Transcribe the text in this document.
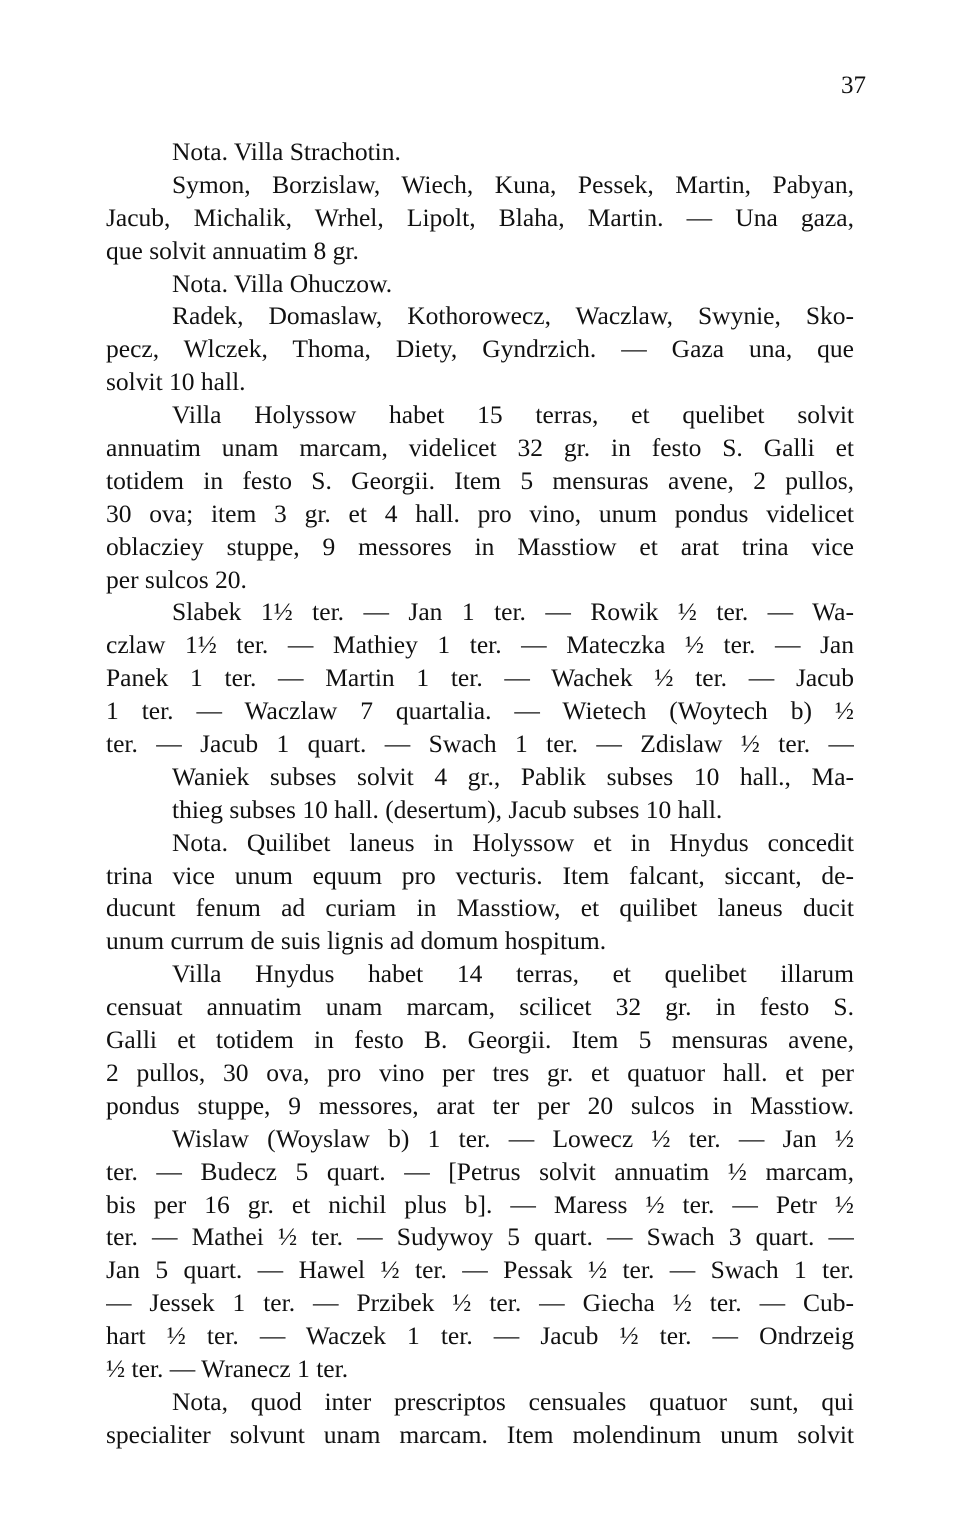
37
Nota. Villa Strachotin.
Symon, Borzislaw, Wiech, Kuna, Pessek, Martin, Pabyan,
Jacub, Michalik, Wrhel, Lipolt, Blaha, Martin. — Una gaza,
que solvit annuatim 8 gr.
Nota. Villa Ohuczow.
Radek, Domaslaw, Kothorowecz, Waczlaw, Swynie, Sko-
pecz, Wlczek, Thoma, Diety, Gyndrzich. — Gaza una, que
solvit 10 hall.
Villa Holyssow habet 15 terras, et quelibet solvit
annuatim unam marcam, videlicet 32 gr. in festo S. Galli et
totidem in festo S. Georgii. Item 5 mensuras avene, 2 pullos,
30 ova; item 3 gr. et 4 hall. pro vino, unum pondus videlicet
oblacziey stuppe, 9 messores in Masstiow et arat trina vice
per sulcos 20.
Slabek 1½ ter. — Jan 1 ter. — Rowik ½ ter. — Wa-
czlaw 1½ ter. — Mathiey 1 ter. — Mateczka ½ ter. — Jan
Panek 1 ter. — Martin 1 ter. — Wachek ½ ter. — Jacub
1 ter. — Waczlaw 7 quartalia. — Wietech (Woytech b) ½
ter. — Jacub 1 quart. — Swach 1 ter. — Zdislaw ½ ter. —
Waniek subses solvit 4 gr., Pablik subses 10 hall., Ma-
thieg subses 10 hall. (desertum), Jacub subses 10 hall.
Nota. Quilibet laneus in Holyssow et in Hnydus concedit
trina vice unum equum pro vecturis. Item falcant, siccant, de-
ducunt fenum ad curiam in Masstiow, et quilibet laneus ducit
unum currum de suis lignis ad domum hospitum.
Villa Hnydus habet 14 terras, et quelibet illarum
censuat annuatim unam marcam, scilicet 32 gr. in festo S.
Galli et totidem in festo B. Georgii. Item 5 mensuras avene,
2 pullos, 30 ova, pro vino per tres gr. et quatuor hall. et per
pondus stuppe, 9 messores, arat ter per 20 sulcos in Masstiow.
Wislaw (Woyslaw b) 1 ter. — Lowecz ½ ter. — Jan ½
ter. — Budecz 5 quart. — [Petrus solvit annuatim ½ marcam,
bis per 16 gr. et nichil plus b]. — Maress ½ ter. — Petr ½
ter. — Mathei ½ ter. — Sudywoy 5 quart. — Swach 3 quart. —
Jan 5 quart. — Hawel ½ ter. — Pessak ½ ter. — Swach 1 ter.
— Jessek 1 ter. — Przibek ½ ter. — Giecha ½ ter. — Cub-
hart ½ ter. — Waczek 1 ter. — Jacub ½ ter. — Ondrzeig
½ ter. — Wranecz 1 ter.
Nota, quod inter prescriptos censuales quatuor sunt, qui
specialiter solvunt unam marcam. Item molendinum unum solvit
